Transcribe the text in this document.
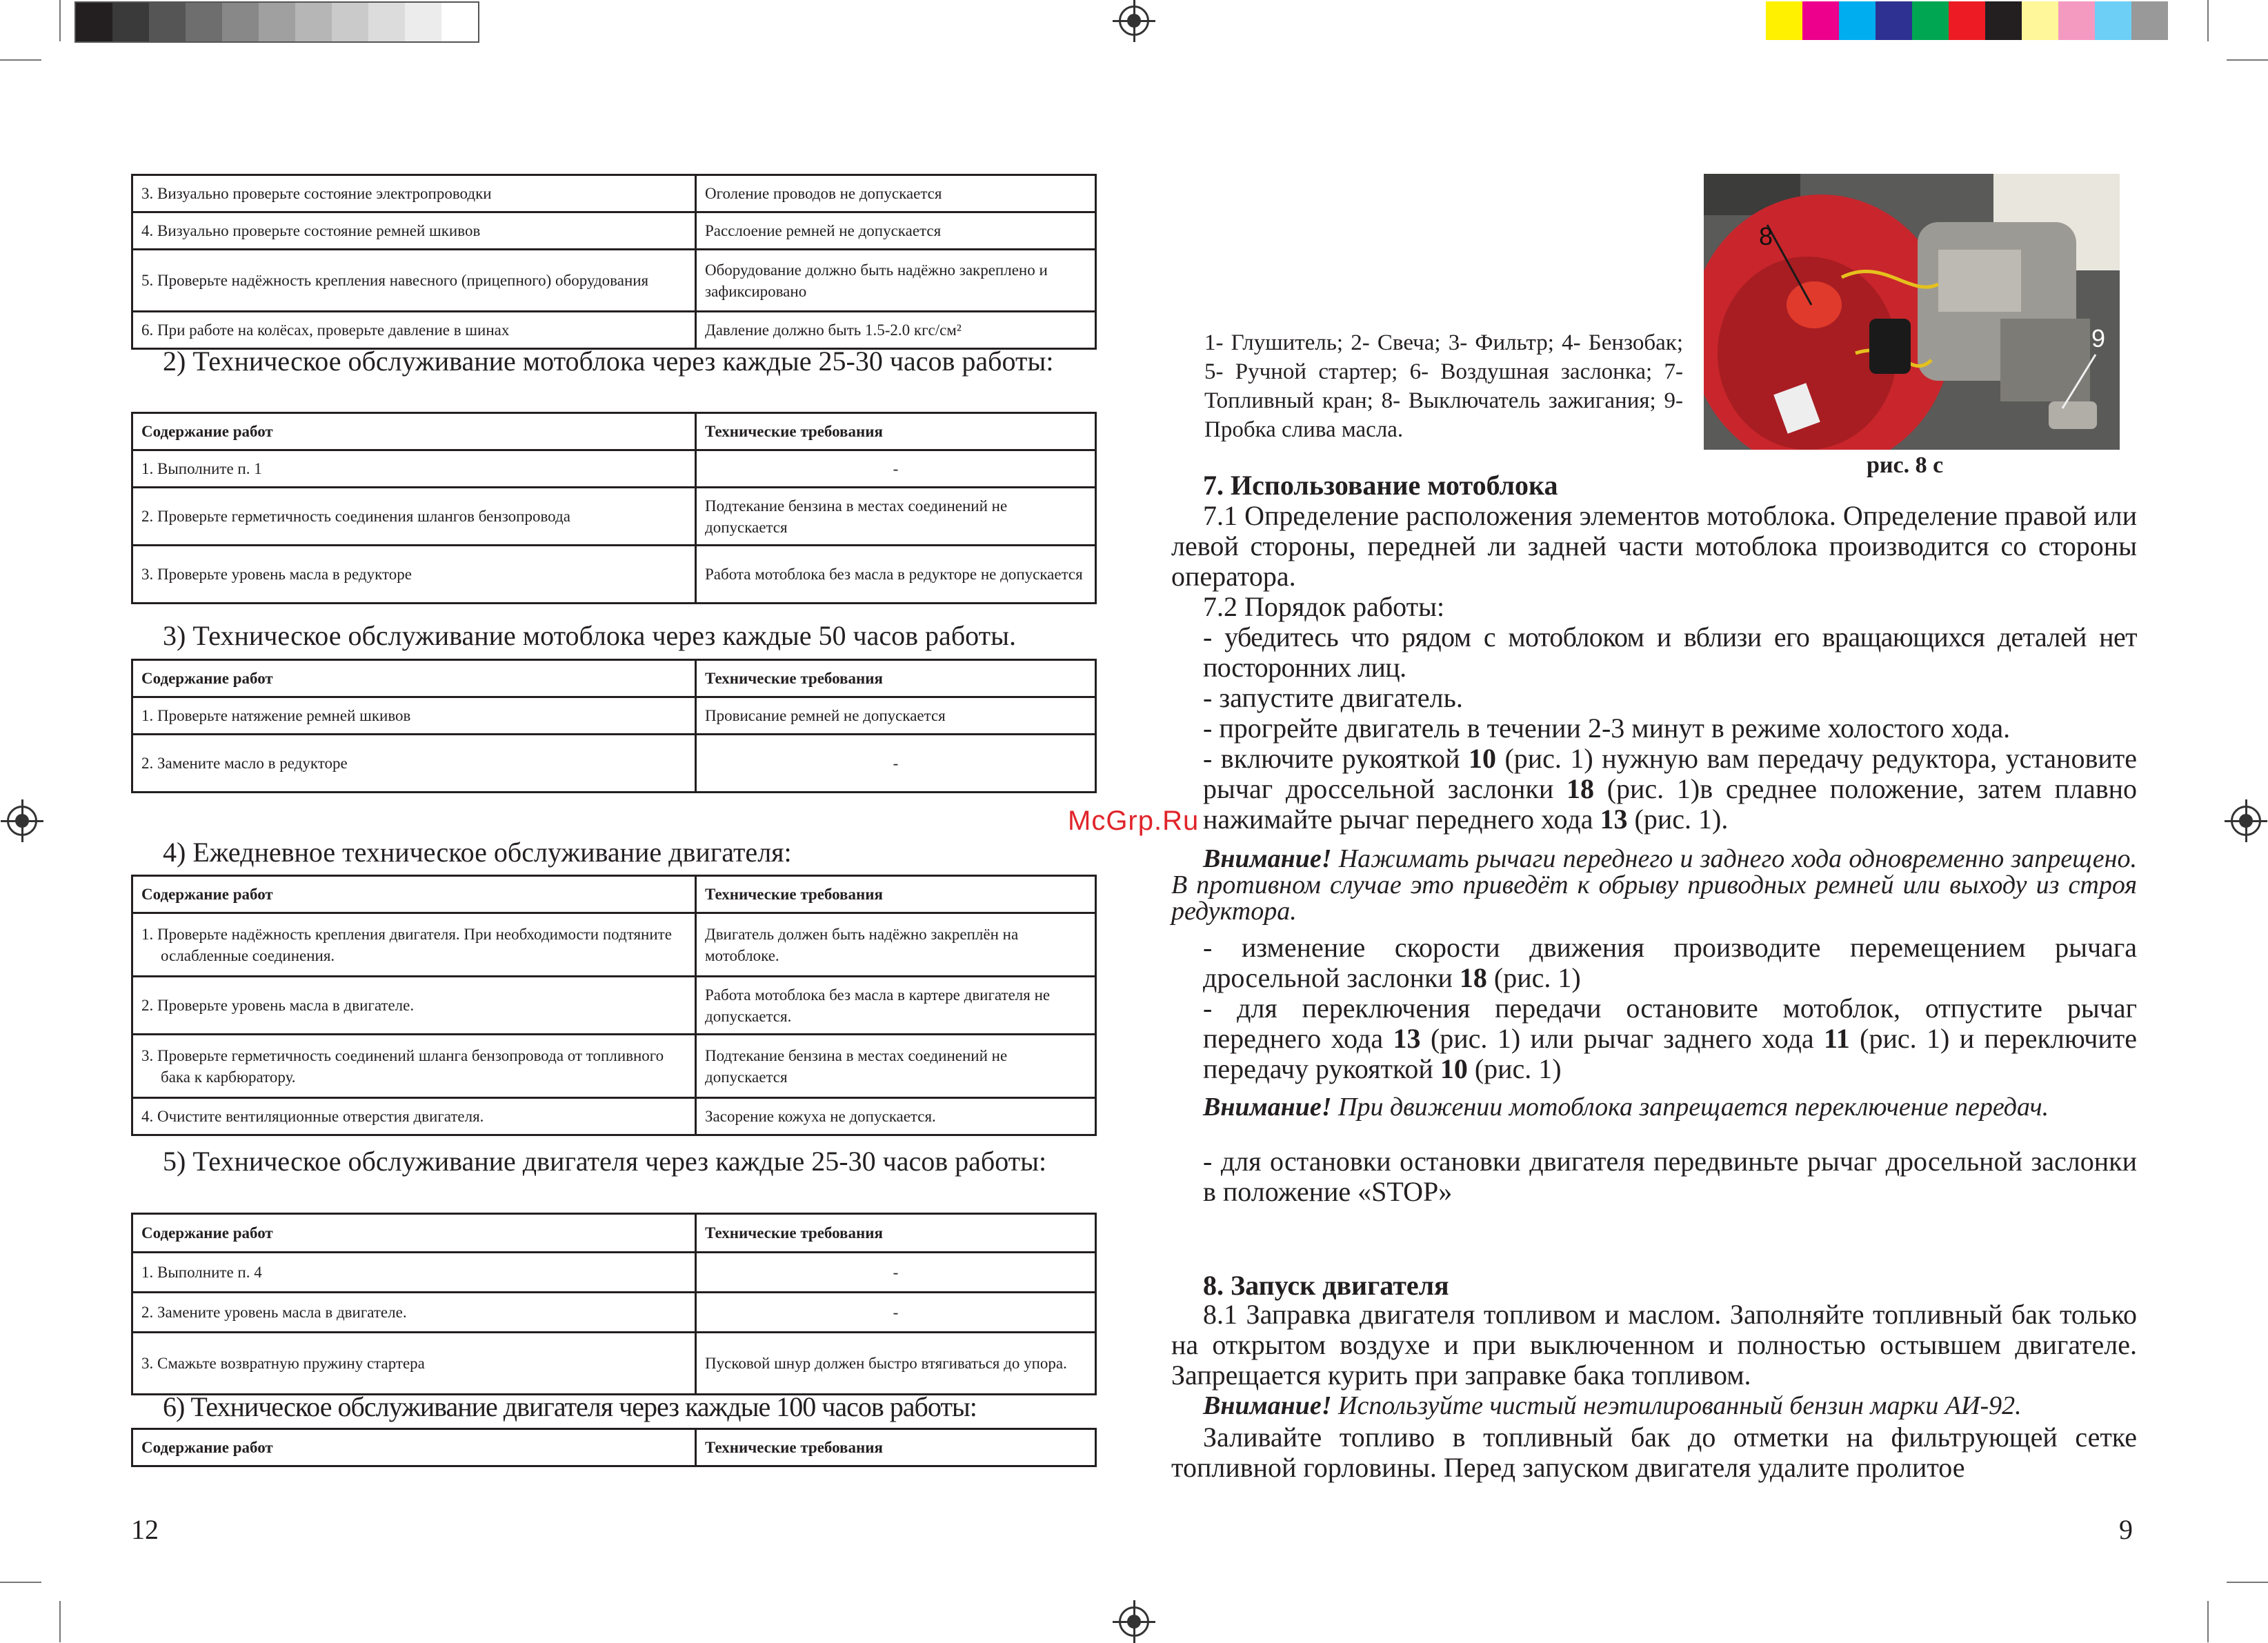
3. Визуально проверьте состояние электропроводки	Оголение проводов не допускается
4. Визуально проверьте состояние ремней шкивов	Расслоение ремней не допускается

5. Проверьте надёжность крепления навесного (прицепного) оборудования	Оборудование должно быть надёжно закреплено и зафиксировано
6. При работе на колёсах, проверьте давление в шинах	Давление должно быть 1.5-2.0 кгс/см²
2) Техническое обслуживание мотоблока через каждые 25-30 часов работы:
Содержание работ	Технические требования
1. Выполните п. 1	-
2. Проверьте герметичность соединения шлангов бензопровода	Подтекание бензина в местах соединений не допускается
3. Проверьте уровень масла в редукторе	Работа мотоблока без масла в редукторе не допускается
3) Техническое обслуживание мотоблока через каждые 50 часов работы.
Содержание работ	Технические требования
1. Проверьте натяжение ремней шкивов	Провисание ремней не допускается
2. Замените масло в редукторе	-
4) Ежедневное техническое обслуживание двигателя:
Содержание работ	Технические требования

1. Проверьте надёжность крепления двигателя. При необходимости подтяните ослабленные соединения.	Двигатель должен быть надёжно закреплён на мотоблоке.
2. Проверьте уровень масла в двигателе.	Работа мотоблока без масла в картере двигателя не допускается.

3. Проверьте герметичность соединений шланга бензопровода от топливного бака к карбюратору.	Подтекание бензина в местах соединений не допускается
4. Очистите вентиляционные отверстия двигателя.	Засорение кожуха не допускается.
5) Техническое обслуживание двигателя через каждые 25-30 часов работы:
Содержание работ	Технические требования
1. Выполните п. 4	-
2. Замените уровень масла в двигателе.	-
3. Смажьте возвратную пружину стартера	Пусковой шнур должен быстро втягиваться до упора.
6) Техническое обслуживание двигателя через каждые 100 часов работы:
Содержание работ	Технические требования
12
1- Глушитель; 2- Свеча; 3- Фильтр; 4- Бензобак; 5- Ручной стартер; 6- Воздушная заслонка; 7- Топливный кран; 8- Выключатель зажигания; 9- Пробка слива масла.
8
9
рис. 8 с
7. Использование мотоблока
7.1 Определение расположения элементов мотоблока. Определение правой или левой стороны, передней ли задней части мотоблока производится со стороны оператора.
7.2 Порядок работы:
- убедитесь что рядом с мотоблоком и вблизи его вращающихся деталей нет посторонних лиц.
- запустите двигатель.
- прогрейте двигатель в течении 2-3 минут в режиме холостого хода.
- включите рукояткой 10 (рис. 1) нужную вам передачу редуктора, установите рычаг дроссельной заслонки 18 (рис. 1)в среднее положение, затем плавно нажимайте рычаг переднего хода 13 (рис. 1).
McGrp.Ru
Внимание! Нажимать рычаги переднего и заднего хода одновременно запрещено. В противном случае это приведёт к обрыву приводных ремней или выходу из строя редуктора.
- изменение скорости движения производите перемещением рычага дросельной заслонки 18 (рис. 1)
- для переключения передачи остановите мотоблок, отпустите рычаг переднего хода 13 (рис. 1) или рычаг заднего хода 11 (рис. 1) и переключите передачу рукояткой 10 (рис. 1)
Внимание! При движении мотоблока запрещается переключение передач.
- для остановки остановки двигателя передвиньте рычаг дросельной заслонки в положение «STOP»
8. Запуск двигателя
8.1 Заправка двигателя топливом и маслом. Заполняйте топливный бак только на открытом воздухе и при выключенном и полностью остывшем двигателе. Запрещается курить при заправке бака топливом.
Внимание! Используйте чистый неэтилированный бензин марки АИ-92.
Заливайте топливо в топливный бак до отметки на фильтрующей сетке топливной горловины. Перед запуском двигателя удалите пролитое
9
